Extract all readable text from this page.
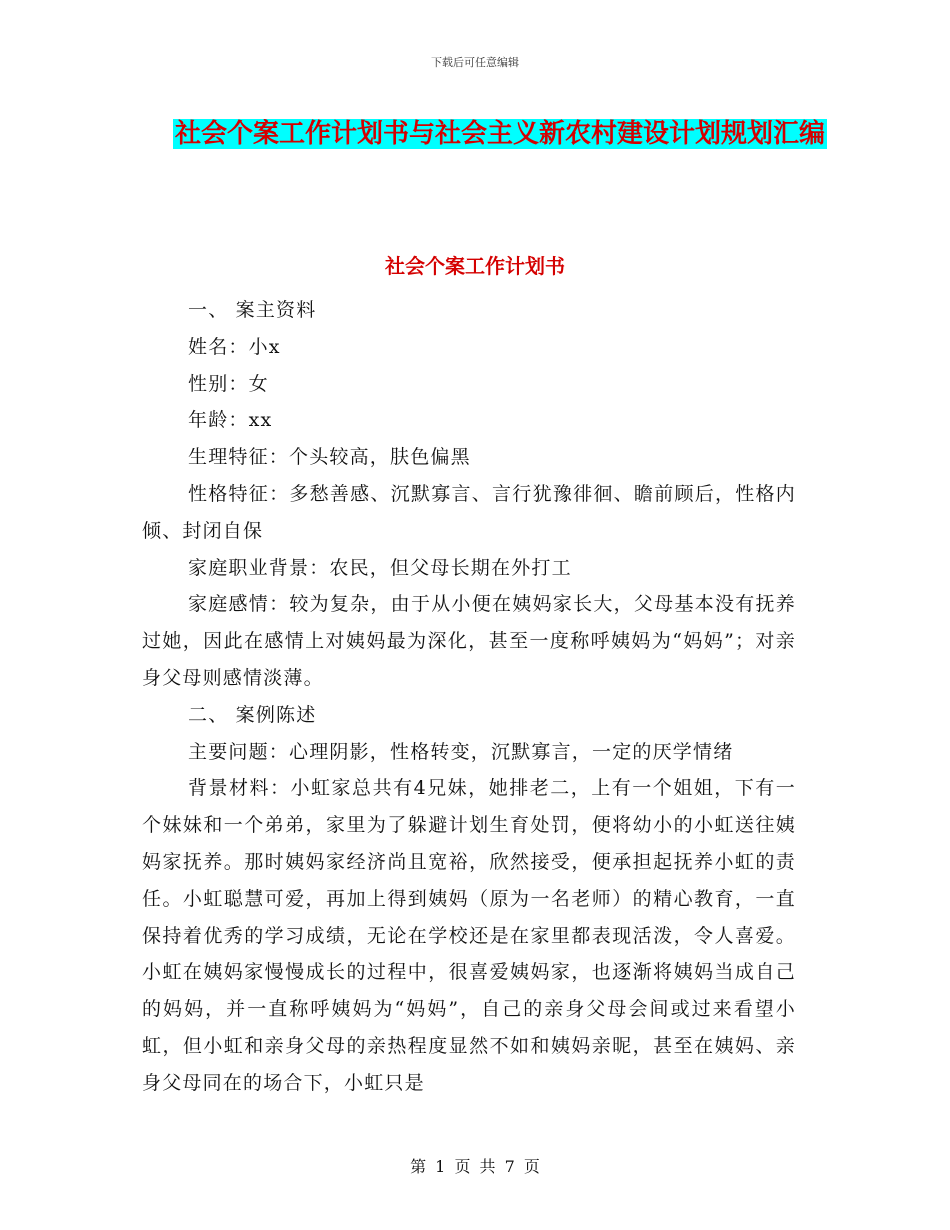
下载后可任意编辑
社会个案工作计划书与社会主义新农村建设计划规划汇编
社会个案工作计划书

一、 案主资料

姓名：小x

性别：女

年龄：xx

生理特征：个头较高，肤色偏黑

性格特征：多愁善感、沉默寡言、言行犹豫徘徊、瞻前顾后，性格内倾、封闭自保

家庭职业背景：农民，但父母长期在外打工

家庭感情：较为复杂，由于从小便在姨妈家长大，父母基本没有抚养过她，因此在感情上对姨妈最为深化，甚至一度称呼姨妈为“妈妈”；对亲身父母则感情淡薄。

二、 案例陈述

主要问题：心理阴影，性格转变，沉默寡言，一定的厌学情绪

背景材料：小虹家总共有4兄妹，她排老二，上有一个姐姐，下有一个妹妹和一个弟弟，家里为了躲避计划生育处罚，便将幼小的小虹送往姨妈家抚养。那时姨妈家经济尚且宽裕，欣然接受，便承担起抚养小虹的责任。小虹聪慧可爱，再加上得到姨妈（原为一名老师）的精心教育，一直保持着优秀的学习成绩，无论在学校还是在家里都表现活泼，令人喜爱。小虹在姨妈家慢慢成长的过程中，很喜爱姨妈家，也逐渐将姨妈当成自己的妈妈，并一直称呼姨妈为“妈妈”，自己的亲身父母会间或过来看望小虹，但小虹和亲身父母的亲热程度显然不如和姨妈亲昵，甚至在姨妈、亲身父母同在的场合下，小虹只是

第 1 页 共 7 页
